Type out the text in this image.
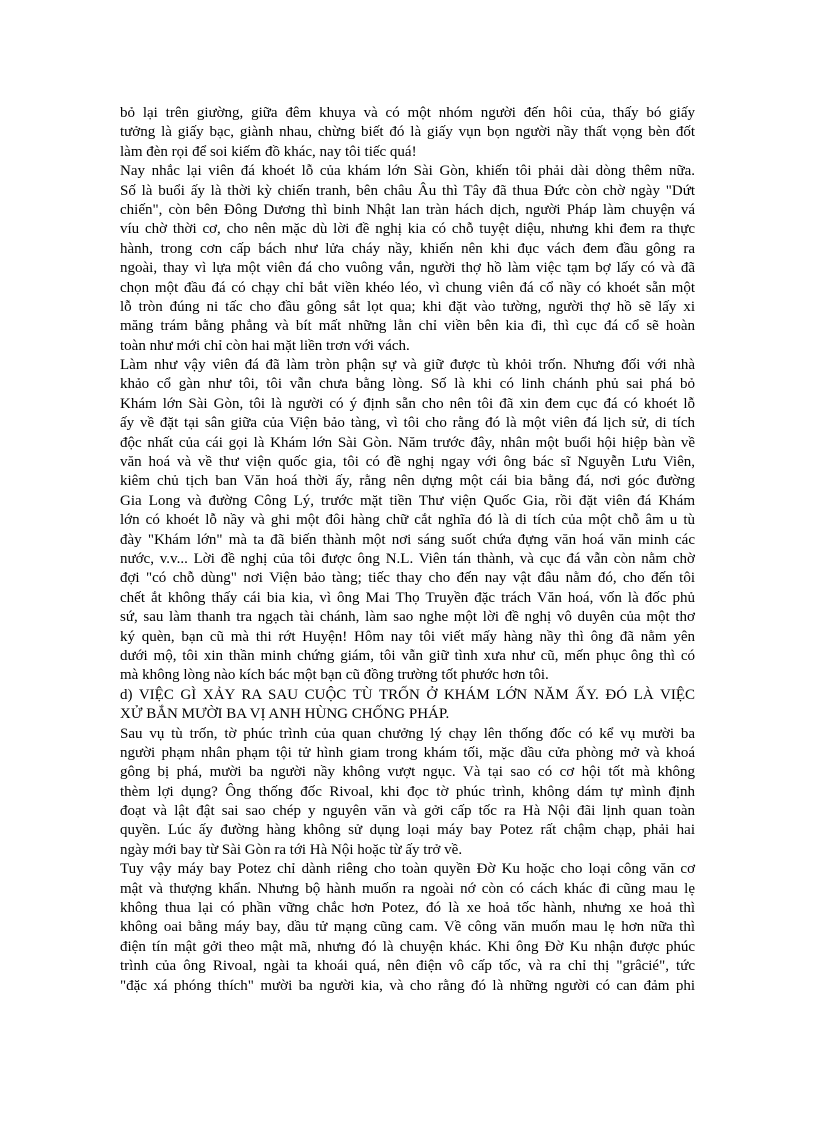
bỏ lại trên giường, giữa đêm khuya và có một nhóm người đến hôi của, thấy bó giấy
tưởng là giấy bạc, giành nhau, chừng biết đó là giấy vụn bọn người nầy thất vọng bèn đốt
làm đèn rọi để soi kiếm đồ khác, nay tôi tiếc quá!
Nay nhắc lại viên đá khoét lỗ của khám lớn Sài Gòn, khiến tôi phải dài dòng thêm nữa.
Số là buổi ấy là thời kỳ chiến tranh, bên châu Âu thì Tây đã thua Đức còn chờ ngày "Dứt
chiến", còn bên Đông Dương thì binh Nhật lan tràn hách dịch, người Pháp làm chuyện vá
víu chờ thời cơ, cho nên mặc dù lời đề nghị kia có chỗ tuyệt diệu, nhưng khi đem ra thực
hành, trong cơn cấp bách như lửa cháy nầy, khiến nên khi đục vách đem đầu gông ra
ngoài, thay vì lựa một viên đá cho vuông vắn, người thợ hồ làm việc tạm bợ lấy có và đã
chọn một đầu đá có chạy chỉ bắt viền khéo léo, vì chung viên đá cổ nầy có khoét sẵn một
lỗ tròn đúng ni tấc cho đầu gông sắt lọt qua; khi đặt vào tường, người thợ hồ sẽ lấy xi
măng trám bằng phẳng và bít mất những lằn chỉ viền bên kia đi, thì cục đá cổ sẽ hoàn
toàn như mới chỉ còn hai mặt liền trơn với vách.
Làm như vậy viên đá đã làm tròn phận sự và giữ được tù khỏi trốn. Nhưng đối với nhà
khảo cổ gàn như tôi, tôi vẫn chưa bằng lòng. Số là khi có linh chánh phủ sai phá bỏ
Khám lớn Sài Gòn, tôi là người có ý định sẵn cho nên tôi đã xin đem cục đá có khoét lỗ
ấy về đặt tại sân giữa của Viện bảo tàng, vì tôi cho rằng đó là một viên đá lịch sử, di tích
độc nhất của cái gọi là Khám lớn Sài Gòn. Năm trước đây, nhân một buổi hội hiệp bàn về
văn hoá và về thư viện quốc gia, tôi có đề nghị ngay với ông bác sĩ Nguyễn Lưu Viên,
kiêm chủ tịch ban Văn hoá thời ấy, rằng nên dựng một cái bia bằng đá, nơi góc đường
Gia Long và đường Công Lý, trước mặt tiền Thư viện Quốc Gia, rồi đặt viên đá Khám
lớn có khoét lỗ nầy và ghi một đôi hàng chữ cắt nghĩa đó là di tích của một chỗ âm u tù
đày "Khám lớn" mà ta đã biến thành một nơi sáng suốt chứa đựng văn hoá văn minh các
nước, v.v... Lời đề nghị của tôi được ông N.L. Viên tán thành, và cục đá vẫn còn nằm chờ
đợi "có chỗ dùng" nơi Viện bảo tàng; tiếc thay cho đến nay vật đâu nằm đó, cho đến tôi
chết ắt không thấy cái bia kia, vì ông Mai Thọ Truyền đặc trách Văn hoá, vốn là đốc phủ
sứ, sau làm thanh tra ngạch tài chánh, làm sao nghe một lời đề nghị vô duyên của một thơ
ký quèn, bạn cũ mà thi rớt Huyện! Hôm nay tôi viết mấy hàng nầy thì ông đã nằm yên
dưới mộ, tôi xin thần minh chứng giám, tôi vẫn giữ tình xưa như cũ, mến phục ông thì có
mà không lòng nào kích bác một bạn cũ đồng trường tốt phước hơn tôi.
d) VIỆC GÌ XẢY RA SAU CUỘC TÙ TRỐN Ở KHÁM LỚN NĂM ẤY. ĐÓ LÀ VIỆC
XỬ BẮN MƯỜI BA VỊ ANH HÙNG CHỐNG PHÁP.
Sau vụ tù trốn, tờ phúc trình của quan chưởng lý chạy lên thống đốc có kể vụ mười ba
người phạm nhân phạm tội tử hình giam trong khám tối, mặc dầu cửa phòng mở và khoá
gông bị phá, mười ba người nầy không vượt ngục. Và tại sao có cơ hội tốt mà không
thèm lợi dụng? Ông thống đốc Rivoal, khi đọc tờ phúc trình, không dám tự mình định
đoạt và lật đật sai sao chép y nguyên văn và gởi cấp tốc ra Hà Nội đãi lịnh quan toàn
quyền. Lúc ấy đường hàng không sử dụng loại máy bay Potez rất chậm chạp, phải hai
ngày mới bay từ Sài Gòn ra tới Hà Nội hoặc từ ấy trở về.
Tuy vậy máy bay Potez chỉ dành riêng cho toàn quyền Đờ Ku hoặc cho loại công văn cơ
mật và thượng khẩn. Nhưng bộ hành muốn ra ngoài nớ còn có cách khác đi cũng mau lẹ
không thua lại có phần vững chắc hơn Potez, đó là xe hoả tốc hành, nhưng xe hoả thì
không oai bằng máy bay, dầu tử mạng cũng cam. Về công văn muốn mau lẹ hơn nữa thì
điện tín mật gởi theo mật mã, nhưng đó là chuyện khác. Khi ông Đờ Ku nhận được phúc
trình của ông Rivoal, ngài ta khoái quá, nên điện vô cấp tốc, và ra chỉ thị "grâcié", tức
"đặc xá phóng thích" mười ba người kia, và cho rằng đó là những người có can đảm phi
